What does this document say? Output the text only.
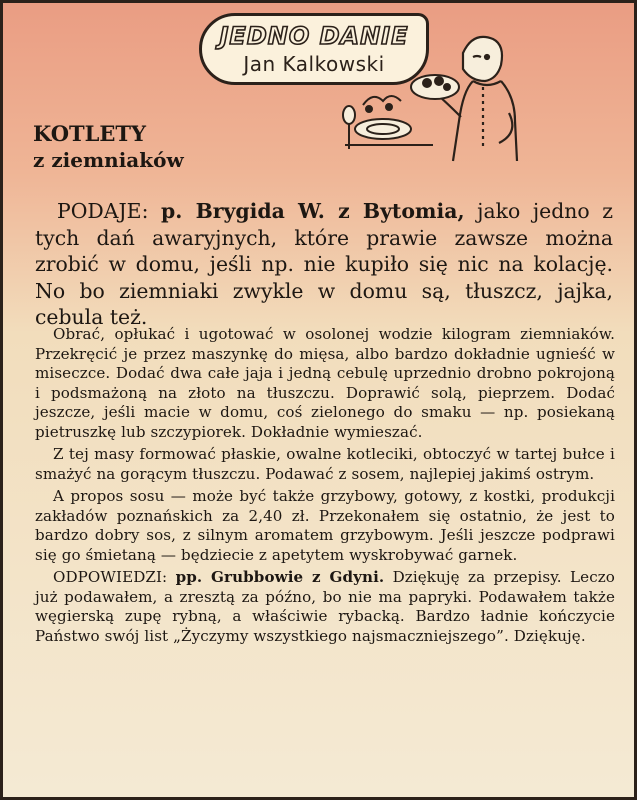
JEDNO DANIE
Jan Kalkowski
KOTLETY
z ziemniaków

PODAJE: p. Brygida W. z Bytomia, jako jedno z tych dań awaryjnych, które prawie zawsze można zrobić w domu, jeśli np. nie kupiło się nic na kolację. No bo ziemniaki zwykle w domu są, tłuszcz, jajka, cebula też.

Obrać, opłukać i ugotować w osolonej wodzie kilogram ziemniaków. Przekręcić je przez maszynkę do mięsa, albo bardzo dokładnie ugnieść w miseczce. Dodać dwa całe jaja i jedną cebulę uprzednio drobno pokrojoną i podsmażoną na złoto na tłuszczu. Doprawić solą, pieprzem. Dodać jeszcze, jeśli macie w domu, coś zielonego do smaku — np. posiekaną pietruszkę lub szczypiorek. Dokładnie wymieszać.

Z tej masy formować płaskie, owalne kotleciki, obtoczyć w tartej bułce i smażyć na gorącym tłuszczu. Podawać z sosem, najlepiej jakimś ostrym.

A propos sosu — może być także grzybowy, gotowy, z kostki, produkcji zakładów poznańskich za 2,40 zł. Przekonałem się ostatnio, że jest to bardzo dobry sos, z silnym aromatem grzybowym. Jeśli jeszcze podprawi się go śmietaną — będziecie z apetytem wyskrobywać garnek.

ODPOWIEDZI: pp. Grubbowie z Gdyni. Dziękuję za przepisy. Leczo już podawałem, a zresztą za późno, bo nie ma papryki. Podawałem także węgierską zupę rybną, a właściwie rybacką. Bardzo ładnie kończycie Państwo swój list „Życzymy wszystkiego najsmaczniejszego”. Dziękuję.
